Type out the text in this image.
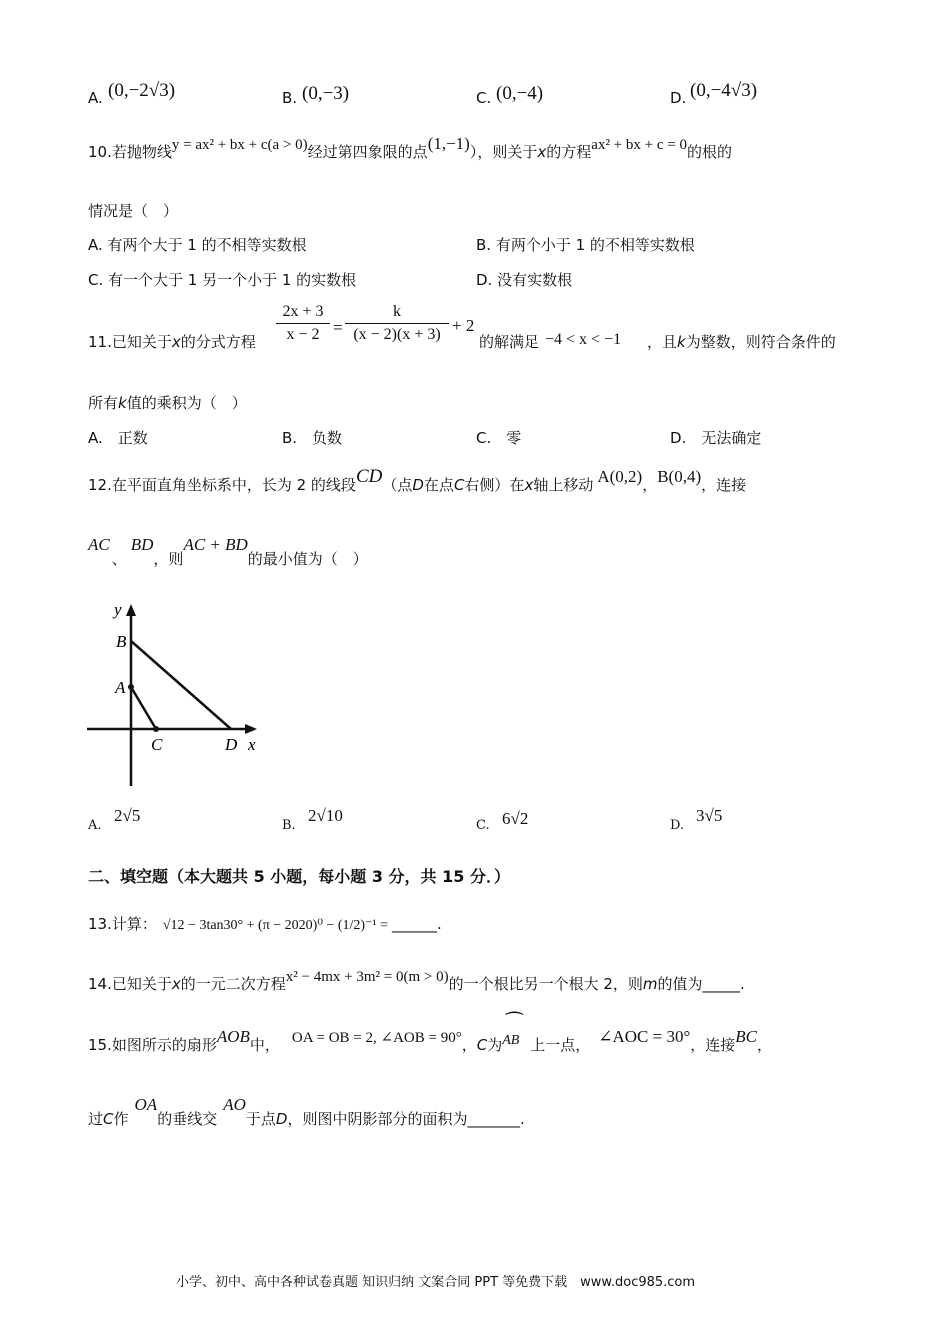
A. (0,−2√3)	B. (0,−3)	C. (0,−4)	D. (0,−4√3)
10.若抛物线y = ax² + bx + c(a > 0)经过第四象限的点(1,−1)），则关于x的方程ax² + bx + c = 0的根的
情况是（　）
A. 有两个大于 1 的不相等实数根	B. 有两个小于 1 的不相等实数根
C. 有一个大于 1 另一个小于 1 的实数根	D. 没有实数根
11.已知关于x的分式方程
2x + 3
x − 2 =
k
(x − 2)(x + 3) + 2
的解满足 −4 < x < −1 ，且k为整数，则符合条件的
所有k值的乘积为（　）
A.　正数	B.　负数	C.　零	D.　无法确定
12.在平面直角坐标系中，长为 2 的线段CD（点D在点C右侧）在x轴上移动 A(0,2)，B(0,4)，连接
AC、BD，则AC + BD的最小值为（　）
y
B
A
C	D x
A.
2√5
B.
2√10
C. 6√2	D.
3√5
二、填空题（本大题共 5 小题，每小题 3 分，共 15 分．）
13.计算： √12 − 3tan30° + (π − 2020)⁰ − (1/2)⁻¹ = ______.
14.已知关于x的一元二次方程x² − 4mx + 3m² = 0(m > 0)的一个根比另一个根大 2，则m的值为_____.
15.如图所示的扇形AOB中， OA = OB = 2, ∠AOB = 90°，C为
⁀
AB 上一点， ∠AOC = 30°，连接BC，
过C作OA的垂线交AO于点D，则图中阴影部分的面积为_______.
小学、初中、高中各种试卷真题 知识归纳 文案合同 PPT 等免费下载　www.doc985.com
